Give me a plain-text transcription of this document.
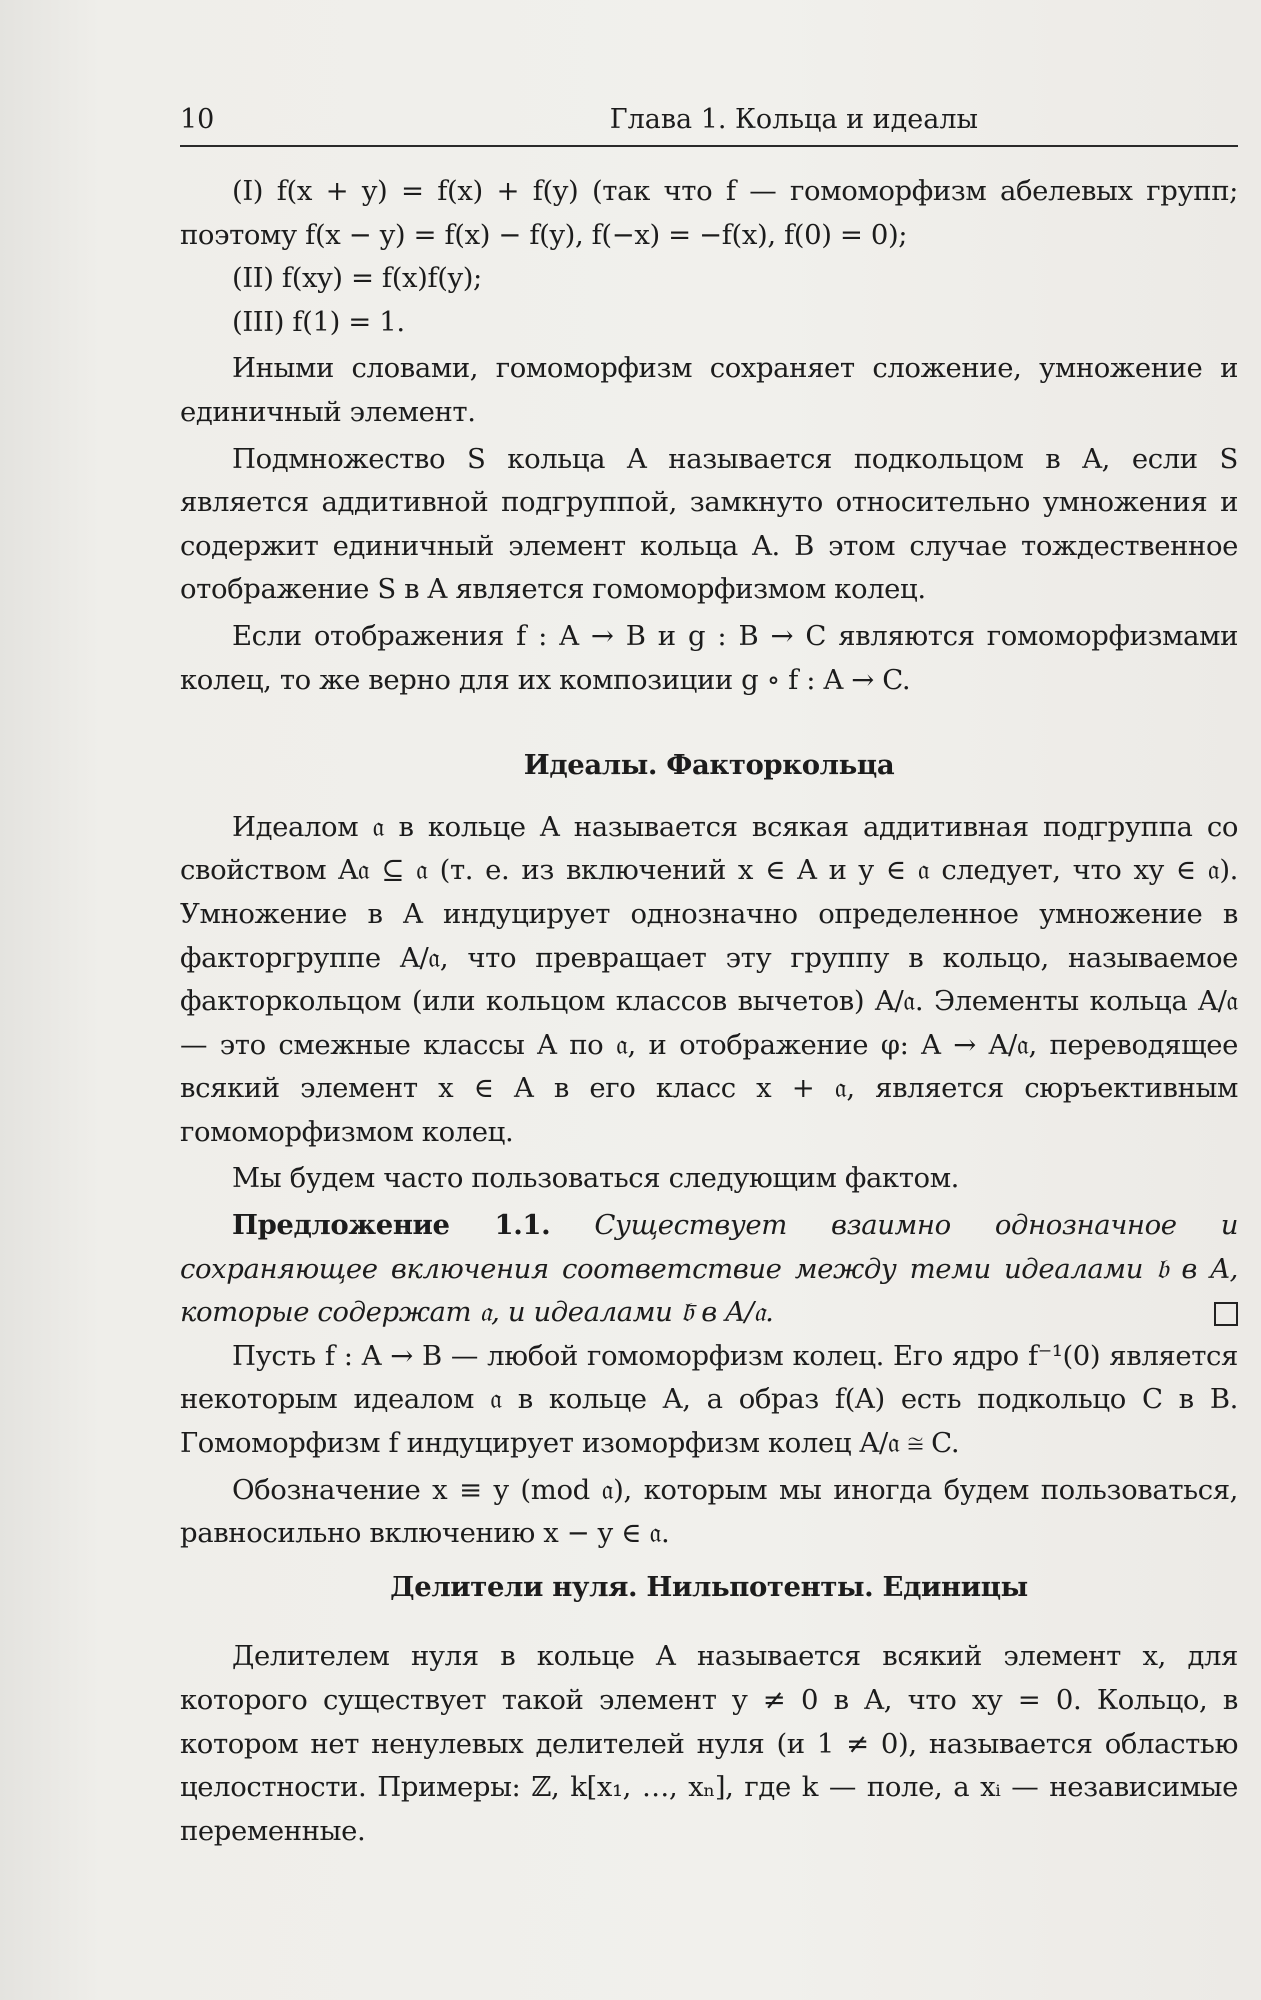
10	Глава 1. Кольца и идеалы

(I) f(x + y) = f(x) + f(y) (так что f — гомоморфизм абелевых групп; поэтому f(x − y) = f(x) − f(y), f(−x) = −f(x), f(0) = 0);

(II) f(xy) = f(x)f(y);

(III) f(1) = 1.

Иными словами, гомоморфизм сохраняет сложение, умножение и единичный элемент.

Подмножество S кольца A называется подкольцом в A, если S является аддитивной подгруппой, замкнуто относительно умножения и содержит единичный элемент кольца A. В этом случае тождественное отображение S в A является гомоморфизмом колец.

Если отображения f : A → B и g : B → C являются гомоморфизмами колец, то же верно для их композиции g ∘ f : A → C.

Идеалы. Факторкольца

Идеалом 𝔞 в кольце A называется всякая аддитивная подгруппа со свойством A𝔞 ⊆ 𝔞 (т. е. из включений x ∈ A и y ∈ 𝔞 следует, что xy ∈ 𝔞). Умножение в A индуцирует однозначно определенное умножение в факторгруппе A/𝔞, что превращает эту группу в кольцо, называемое факторкольцом (или кольцом классов вычетов) A/𝔞. Элементы кольца A/𝔞 — это смежные классы A по 𝔞, и отображение φ: A → A/𝔞, переводящее всякий элемент x ∈ A в его класс x + 𝔞, является сюръективным гомоморфизмом колец.

Мы будем часто пользоваться следующим фактом.

Предложение 1.1. Существует взаимно однозначное и сохраняющее включения соответствие между теми идеалами 𝔟 в A, которые содержат 𝔞, и идеалами 𝔟̄ в A/𝔞.

Пусть f : A → B — любой гомоморфизм колец. Его ядро f⁻¹(0) является некоторым идеалом 𝔞 в кольце A, а образ f(A) есть подкольцо C в B. Гомоморфизм f индуцирует изоморфизм колец A/𝔞 ≅ C.

Обозначение x ≡ y (mod 𝔞), которым мы иногда будем пользоваться, равносильно включению x − y ∈ 𝔞.

Делители нуля. Нильпотенты. Единицы

Делителем нуля в кольце A называется всякий элемент x, для которого существует такой элемент y ≠ 0 в A, что xy = 0. Кольцо, в котором нет ненулевых делителей нуля (и 1 ≠ 0), называется областью целостности. Примеры: ℤ, k[x₁, …, xₙ], где k — поле, а xᵢ — независимые переменные.
